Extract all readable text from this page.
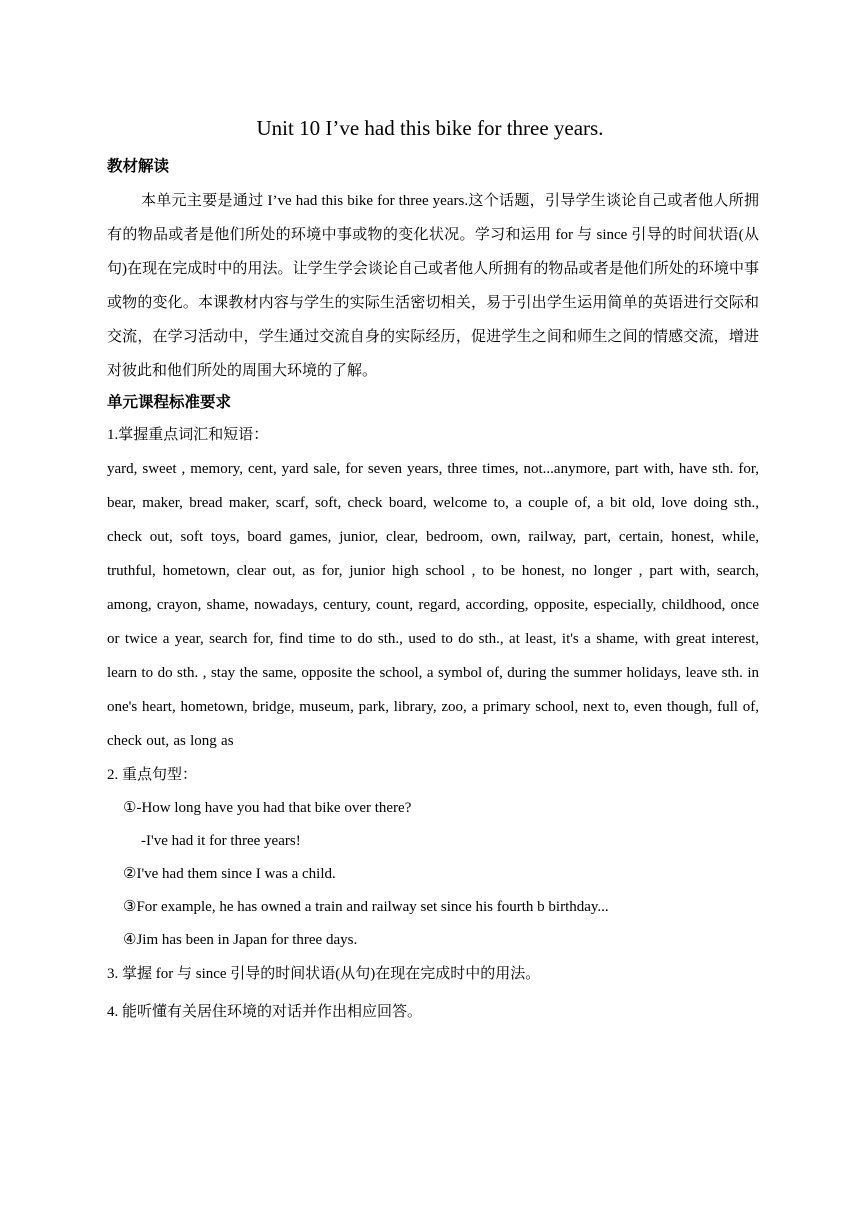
Unit 10 I’ve had this bike for three years.

教材解读

本单元主要是通过 I’ve had this bike for three years.这个话题，引导学生谈论自己或者他人所拥有的物品或者是他们所处的环境中事或物的变化状况。学习和运用 for 与 since 引导的时间状语(从句)在现在完成时中的用法。让学生学会谈论自己或者他人所拥有的物品或者是他们所处的环境中事或物的变化。本课教材内容与学生的实际生活密切相关，易于引出学生运用简单的英语进行交际和交流，在学习活动中，学生通过交流自身的实际经历，促进学生之间和师生之间的情感交流，增进对彼此和他们所处的周围大环境的了解。

单元课程标准要求

1.掌握重点词汇和短语：

yard, sweet , memory, cent, yard sale, for seven years, three times, not...anymore, part with, have sth. for, bear, maker, bread maker, scarf, soft, check board, welcome to, a couple of, a bit old, love doing sth., check out, soft toys, board games, junior, clear, bedroom, own, railway, part, certain, honest, while, truthful, hometown, clear out, as for, junior high school , to be honest, no longer , part with, search, among, crayon, shame, nowadays, century, count, regard, according, opposite, especially, childhood, once or twice a year, search for, find time to do sth., used to do sth., at least, it's a shame, with great interest, learn to do sth. , stay the same, opposite the school, a symbol of, during the summer holidays, leave sth. in one's heart, hometown, bridge, museum, park, library, zoo, a primary school, next to, even though, full of, check out, as long as

2. 重点句型：

①-How long have you had that bike over there?

-I've had it for three years!

②I've had them since I was a child.

③For example, he has owned a train and railway set since his fourth b birthday...

④Jim has been in Japan for three days.

3. 掌握 for 与 since 引导的时间状语(从句)在现在完成时中的用法。

4. 能听懂有关居住环境的对话并作出相应回答。
